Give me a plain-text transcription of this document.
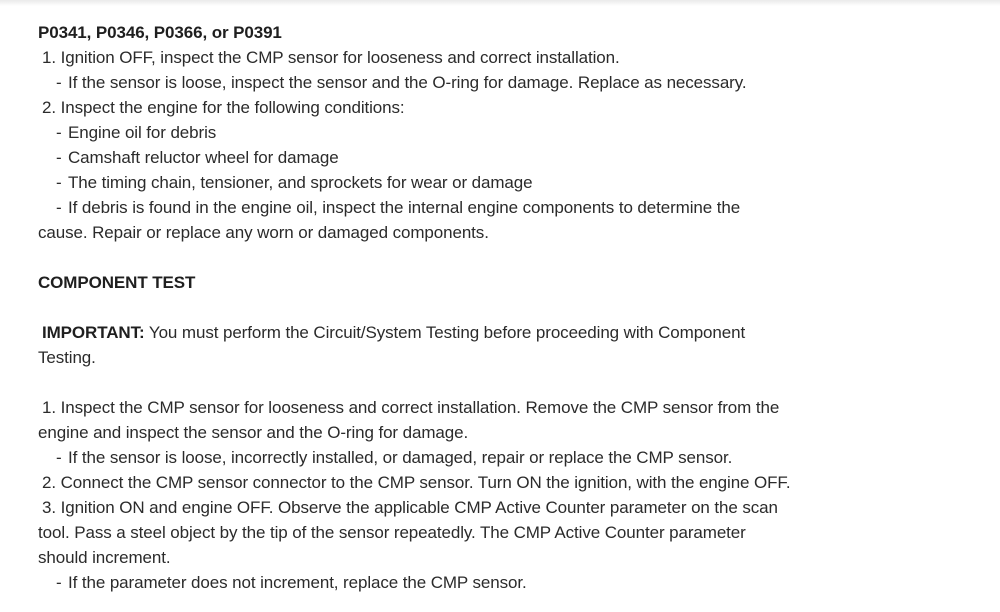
P0341, P0346, P0366, or P0391
1. Ignition OFF, inspect the CMP sensor for looseness and correct installation.
- If the sensor is loose, inspect the sensor and the O-ring for damage. Replace as necessary.
2. Inspect the engine for the following conditions:
- Engine oil for debris
- Camshaft reluctor wheel for damage
- The timing chain, tensioner, and sprockets for wear or damage
- If debris is found in the engine oil, inspect the internal engine components to determine the
cause. Repair or replace any worn or damaged components.
COMPONENT TEST
IMPORTANT: You must perform the Circuit/System Testing before proceeding with Component
Testing.
1. Inspect the CMP sensor for looseness and correct installation. Remove the CMP sensor from the
engine and inspect the sensor and the O-ring for damage.
- If the sensor is loose, incorrectly installed, or damaged, repair or replace the CMP sensor.
2. Connect the CMP sensor connector to the CMP sensor. Turn ON the ignition, with the engine OFF.
3. Ignition ON and engine OFF. Observe the applicable CMP Active Counter parameter on the scan
tool. Pass a steel object by the tip of the sensor repeatedly. The CMP Active Counter parameter
should increment.
- If the parameter does not increment, replace the CMP sensor.
